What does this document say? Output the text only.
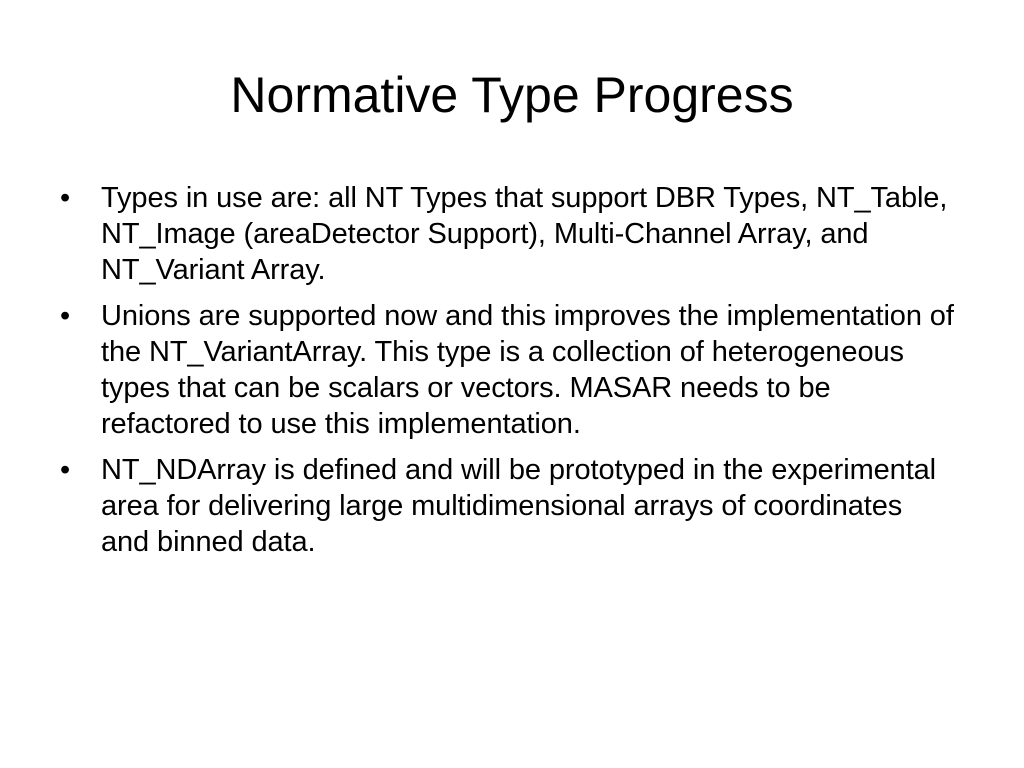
Normative Type Progress
•	Types in use are: all NT Types that support DBR Types, NT_Table, NT_Image (areaDetector Support), Multi-Channel Array, and NT_Variant Array.
•	Unions are supported now and this improves the implementation of the NT_VariantArray. This type is a collection of heterogeneous types that can be scalars or vectors. MASAR needs to be refactored to use this implementation.
•	NT_NDArray is defined and will be prototyped in the experimental area for delivering large multidimensional arrays of coordinates and binned data.
